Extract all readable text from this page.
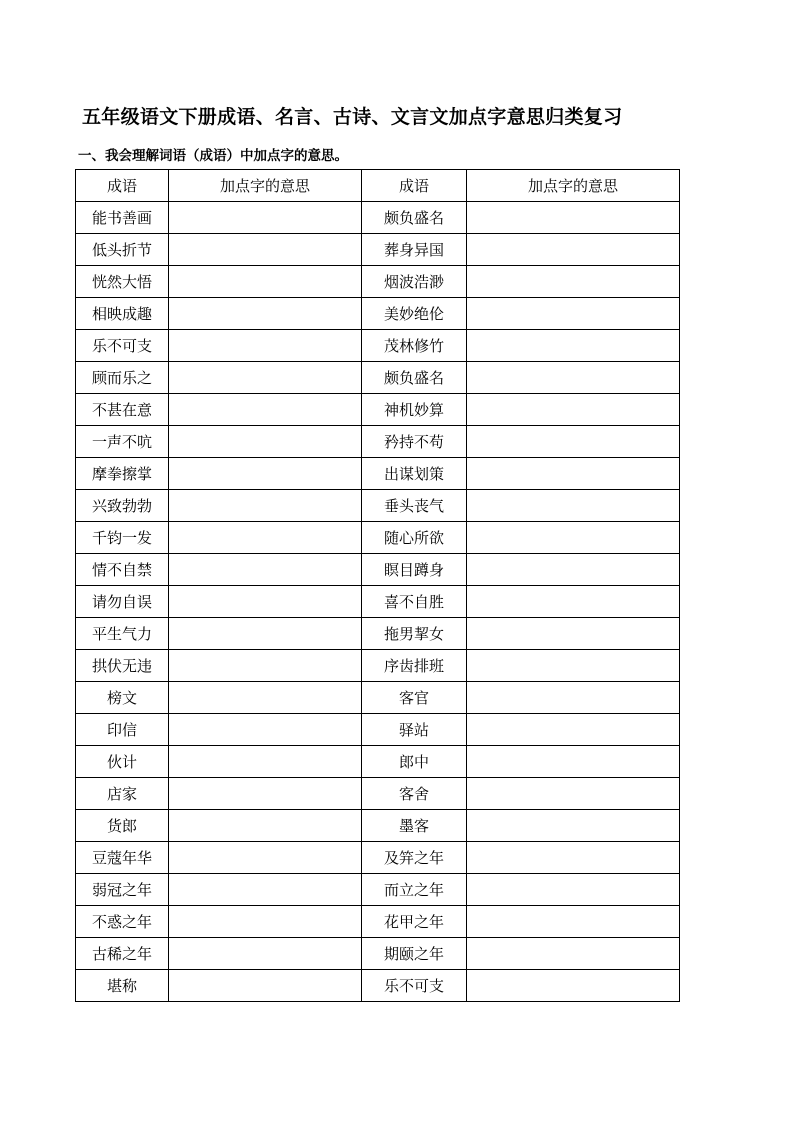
五年级语文下册成语、名言、古诗、文言文加点字意思归类复习
一、我会理解词语（成语）中加点字的意思。
成语	加点字的意思	成语	加点字的意思
能书善画		颇负盛名	
低头折节		葬身异国	
恍然大悟		烟波浩渺	
相映成趣		美妙绝伦	
乐不可支		茂林修竹	
顾而乐之		颇负盛名	
不甚在意		神机妙算	
一声不吭		矜持不苟	
摩拳擦掌		出谋划策	
兴致勃勃		垂头丧气	
千钧一发		随心所欲	
情不自禁		瞑目蹲身	
请勿自误		喜不自胜	
平生气力		拖男挈女	
拱伏无违		序齿排班	
榜文		客官	
印信		驿站	
伙计		郎中	
店家		客舍	
货郎		墨客	
豆蔻年华		及笄之年	
弱冠之年		而立之年	
不惑之年		花甲之年	
古稀之年		期颐之年	
堪称		乐不可支	
